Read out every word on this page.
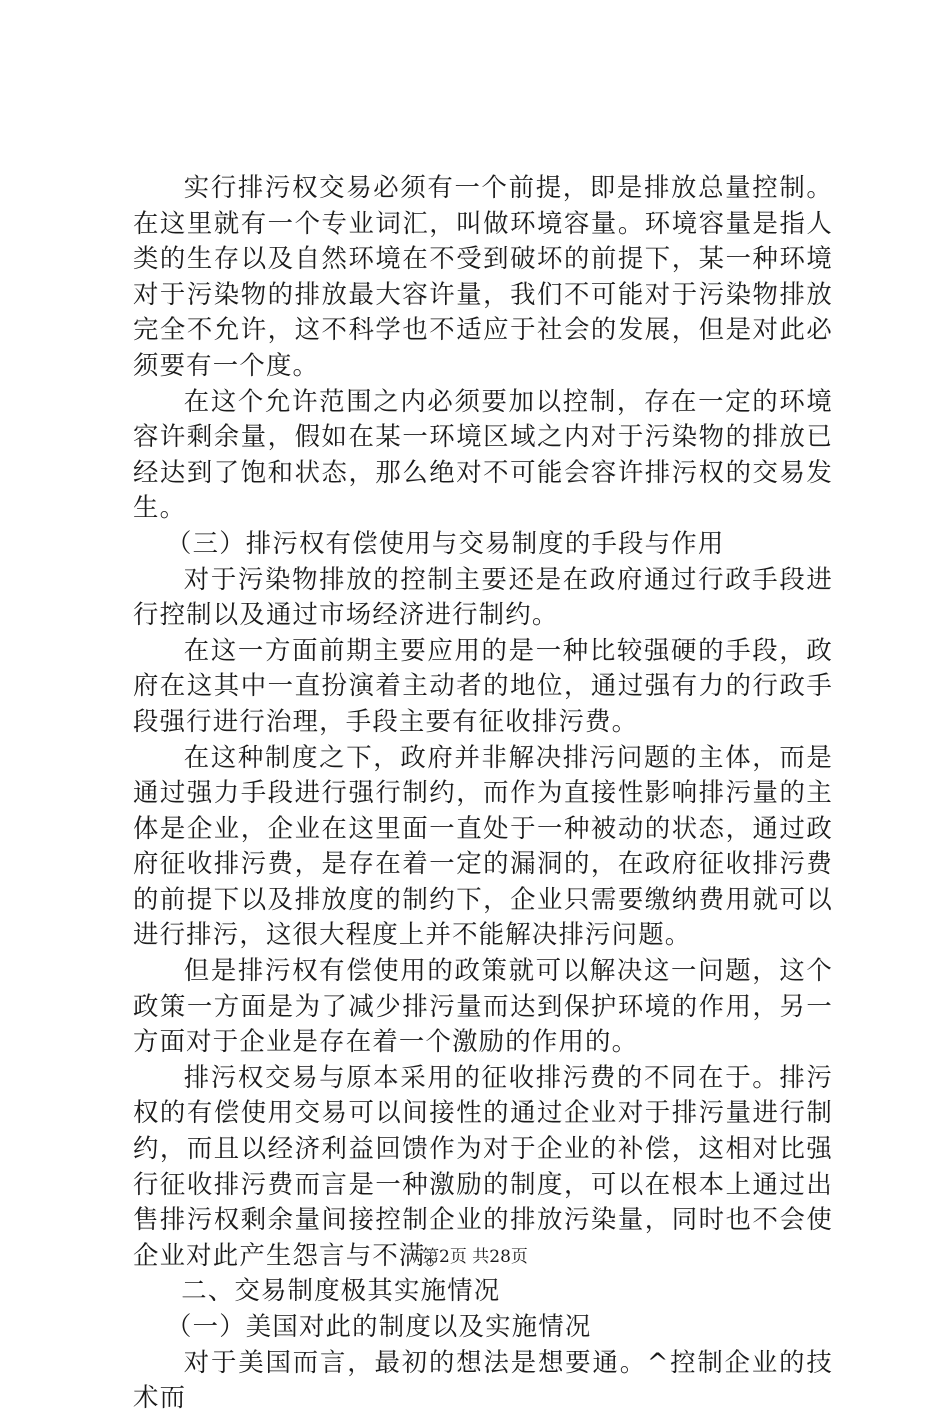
实行排污权交易必须有一个前提，即是排放总量控制。在这里就有一个专业词汇，叫做环境容量。环境容量是指人类的生存以及自然环境在不受到破坏的前提下，某一种环境对于污染物的排放最大容许量，我们不可能对于污染物排放完全不允许，这不科学也不适应于社会的发展，但是对此必须要有一个度。

在这个允许范围之内必须要加以控制，存在一定的环境容许剩余量，假如在某一环境区域之内对于污染物的排放已经达到了饱和状态，那么绝对不可能会容许排污权的交易发生。

（三）排污权有偿使用与交易制度的手段与作用

对于污染物排放的控制主要还是在政府通过行政手段进行控制以及通过市场经济进行制约。

在这一方面前期主要应用的是一种比较强硬的手段，政府在这其中一直扮演着主动者的地位，通过强有力的行政手段强行进行治理，手段主要有征收排污费。

在这种制度之下，政府并非解决排污问题的主体，而是通过强力手段进行强行制约，而作为直接性影响排污量的主体是企业，企业在这里面一直处于一种被动的状态，通过政府征收排污费，是存在着一定的漏洞的，在政府征收排污费的前提下以及排放度的制约下，企业只需要缴纳费用就可以进行排污，这很大程度上并不能解决排污问题。

但是排污权有偿使用的政策就可以解决这一问题，这个政策一方面是为了减少排污量而达到保护环境的作用，另一方面对于企业是存在着一个激励的作用的。

排污权交易与原本采用的征收排污费的不同在于。排污权的有偿使用交易可以间接性的通过企业对于排污量进行制约，而且以经济利益回馈作为对于企业的补偿，这相对比强行征收排污费而言是一种激励的制度，可以在根本上通过出售排污权剩余量间接控制企业的排放污染量，同时也不会使企业对此产生怨言与不满。

二、交易制度极其实施情况

（一）美国对此的制度以及实施情况

对于美国而言，最初的想法是想要通。^控制企业的技术而

第2页 共28页
